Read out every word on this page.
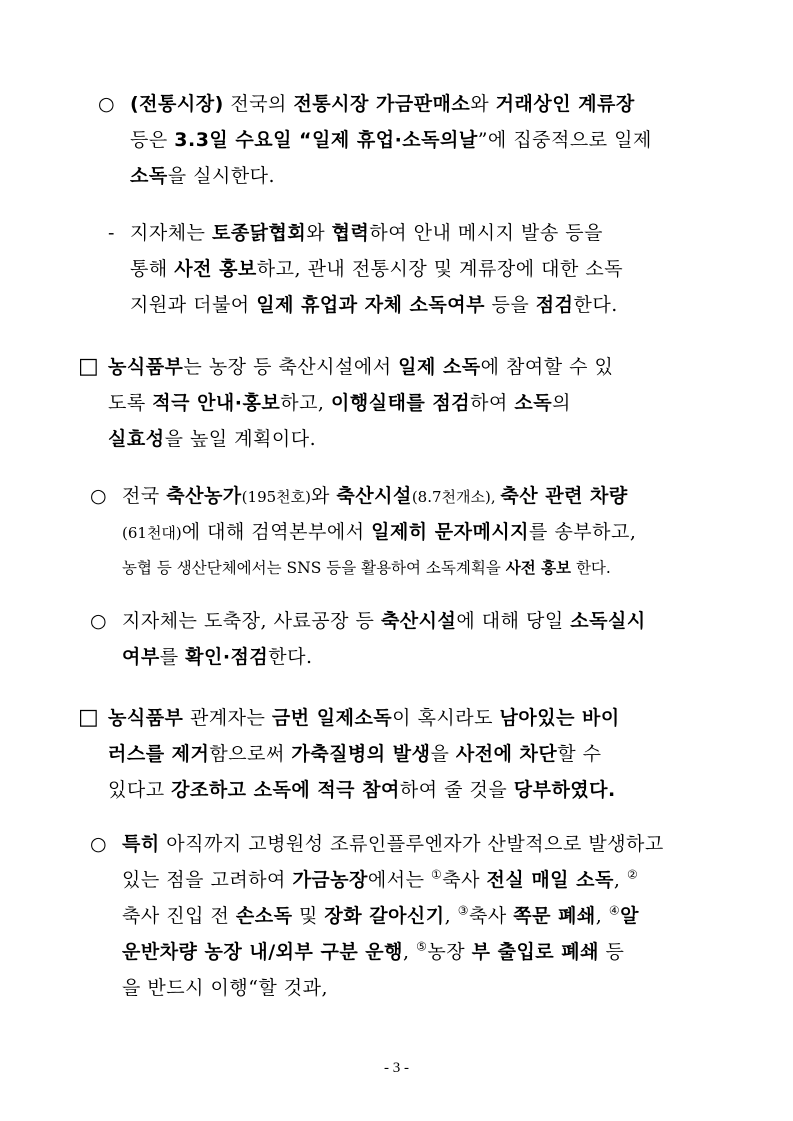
○ (전통시장) 전국의 전통시장 가금판매소와 거래상인 계류장
등은 3.3일 수요일 “일제 휴업·소독의날”에 집중적으로 일제
소독을 실시한다.
- 지자체는 토종닭협회와 협력하여 안내 메시지 발송 등을
통해 사전 홍보하고, 관내 전통시장 및 계류장에 대한 소독
지원과 더불어 일제 휴업과 자체 소독여부 등을 점검한다.
□ 농식품부는 농장 등 축산시설에서 일제 소독에 참여할 수 있
도록 적극 안내·홍보하고, 이행실태를 점검하여 소독의
실효성을 높일 계획이다.
○ 전국 축산농가(195천호)와 축산시설(8.7천개소), 축산 관련 차량
(61천대)에 대해 검역본부에서 일제히 문자메시지를 송부하고,
농협 등 생산단체에서는 SNS 등을 활용하여 소독계획을 사전 홍보 한다.
○ 지자체는 도축장, 사료공장 등 축산시설에 대해 당일 소독실시
여부를 확인·점검한다.
□ 농식품부 관계자는 금번 일제소독이 혹시라도 남아있는 바이
러스를 제거함으로써 가축질병의 발생을 사전에 차단할 수
있다고 강조하고 소독에 적극 참여하여 줄 것을 당부하였다.
○ 특히 아직까지 고병원성 조류인플루엔자가 산발적으로 발생하고
있는 점을 고려하여 가금농장에서는 ①축사 전실 매일 소독, ②
축사 진입 전 손소독 및 장화 갈아신기, ③축사 쪽문 폐쇄, ④알
운반차량 농장 내/외부 구분 운행, ⑤농장 부 출입로 폐쇄 등
을 반드시 이행“할 것과,
- 3 -
